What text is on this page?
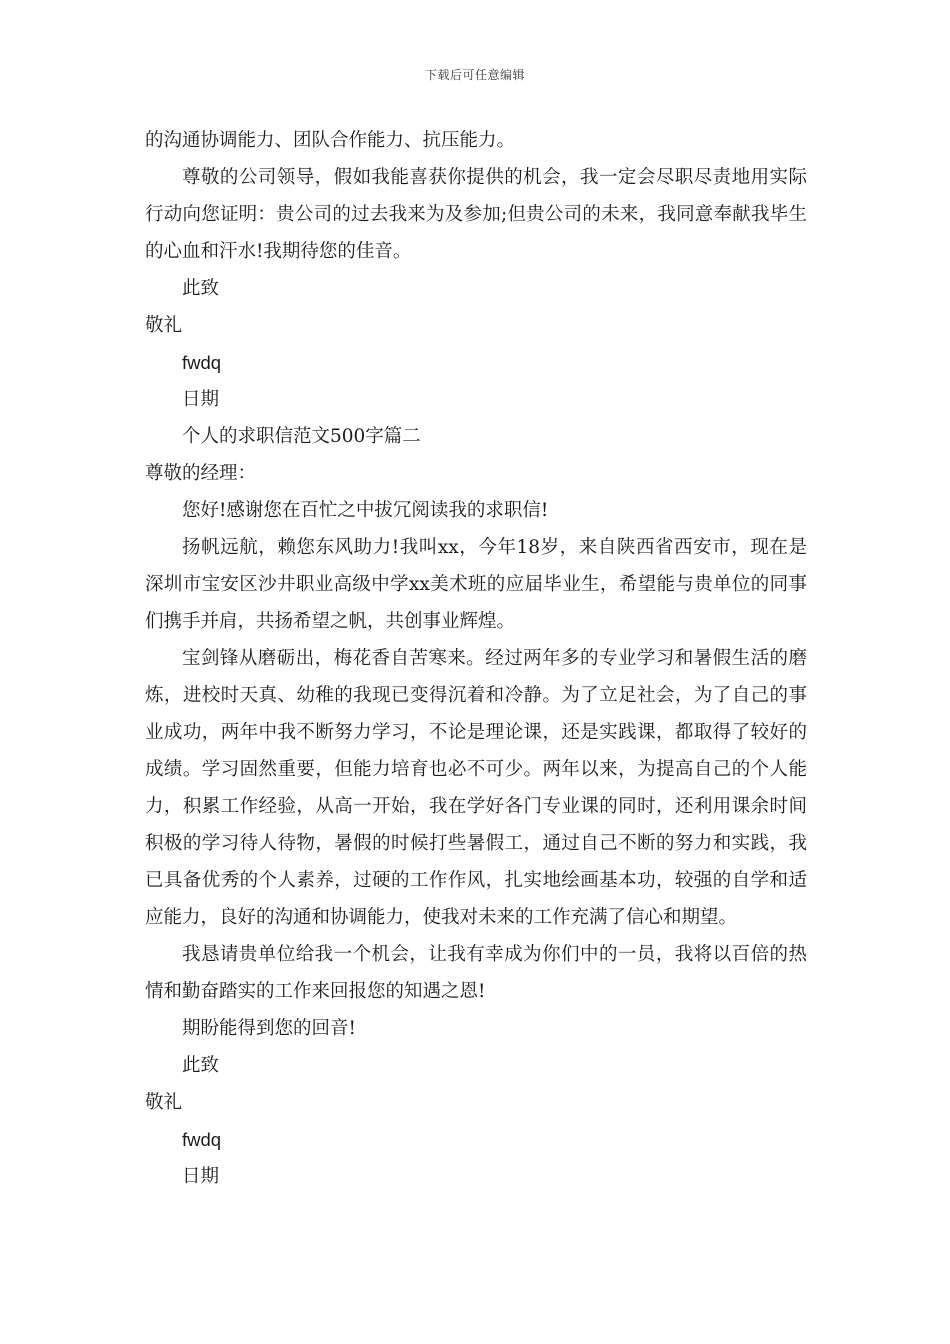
下载后可任意编辑

的沟通协调能力、团队合作能力、抗压能力。

尊敬的公司领导，假如我能喜获你提供的机会，我一定会尽职尽责地用实际行动向您证明：贵公司的过去我来为及参加;但贵公司的未来，我同意奉献我毕生的心血和汗水!我期待您的佳音。

此致

敬礼

fwdq

日期

个人的求职信范文500字篇二

尊敬的经理：

您好!感谢您在百忙之中拔冗阅读我的求职信!

扬帆远航，赖您东风助力!我叫xx，今年18岁，来自陕西省西安市，现在是深圳市宝安区沙井职业高级中学xx美术班的应届毕业生，希望能与贵单位的同事们携手并肩，共扬希望之帆，共创事业辉煌。

宝剑锋从磨砺出，梅花香自苦寒来。经过两年多的专业学习和暑假生活的磨炼，进校时天真、幼稚的我现已变得沉着和冷静。为了立足社会，为了自己的事业成功，两年中我不断努力学习，不论是理论课，还是实践课，都取得了较好的成绩。学习固然重要，但能力培育也必不可少。两年以来，为提高自己的个人能力，积累工作经验，从高一开始，我在学好各门专业课的同时，还利用课余时间积极的学习待人待物，暑假的时候打些暑假工，通过自己不断的努力和实践，我已具备优秀的个人素养，过硬的工作作风，扎实地绘画基本功，较强的自学和适应能力，良好的沟通和协调能力，使我对未来的工作充满了信心和期望。

我恳请贵单位给我一个机会，让我有幸成为你们中的一员，我将以百倍的热情和勤奋踏实的工作来回报您的知遇之恩!

期盼能得到您的回音!

此致

敬礼

fwdq

日期
